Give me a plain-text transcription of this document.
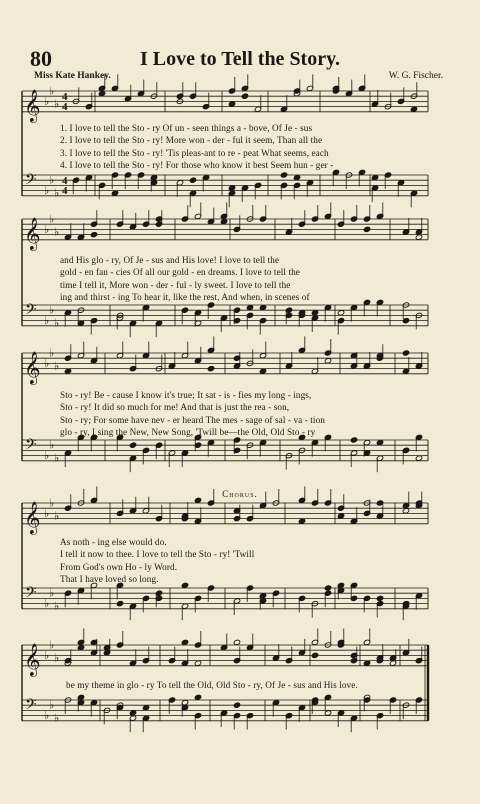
80	I Love to Tell the Story.
Miss Kate Hankey.	W. G. Fischer.
Chorus.
𝄞
𝄢
♭
♭
♭
♭
♭
♭
4
4
4
4
𝄞
𝄢
♭
♭
♭
♭
♭
♭
𝄞
𝄢
♭
♭
♭
♭
♭
♭
𝄞
𝄢
♭
♭
♭
♭
♭
♭
𝄞
𝄢
♭
♭
♭
♭
♭
♭
1. I love to tell the Sto - ry Of un - seen things a - bove, Of Je - sus
2. I love to tell the Sto - ry! More won - der - ful it seem, Than all the
3. I love to tell the Sto - ry! 'Tis pleas-ant to re - peat What seems, each
4. I love to tell the Sto - ry! For those who know it best Seem hun - ger -
and His glo - ry, Of Je - sus and His love! I love to tell the
gold - en fan - cies Of all our gold - en dreams. I love to tell the
time I tell it, More won - der - ful - ly sweet. I love to tell the
ing and thirst - ing To hear it, like the rest, And when, in scenes of
Sto - ry! Be - cause I know it's true; It sat - is - fies my long - ings,
Sto - ry! It did so much for me! And that is just the rea - son,
Sto - ry; For some have nev - er heard The mes - sage of sal - va - tion
glo - ry, I sing the New, New Song, 'Twill be—the Old, Old Sto - ry
As noth - ing else would do.
I tell it now to thee. I love to tell the Sto - ry! 'Twill
From God's own Ho - ly Word.
That I have loved so long.
be my theme in glo - ry To tell the Old, Old Sto - ry, Of Je - sus and His love.
